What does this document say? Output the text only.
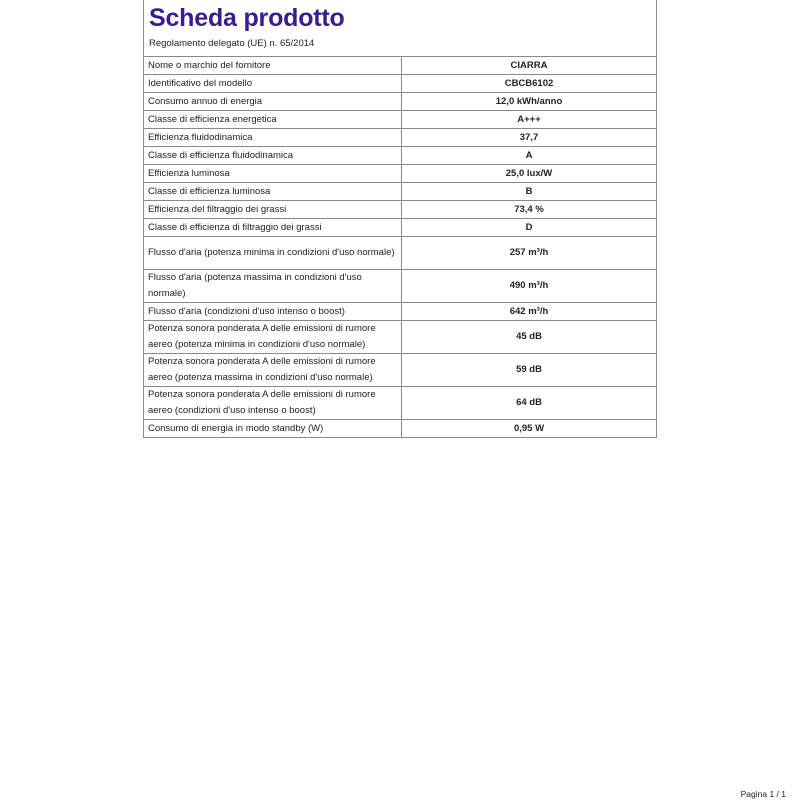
Scheda prodotto
Regolamento delegato (UE) n. 65/2014
Nome o marchio del fornitore	CIARRA
Identificativo del modello	CBCB6102
Consumo annuo di energia	12,0 kWh/anno
Classe di efficienza energetica	A+++
Efficienza fluidodinamica	37,7
Classe di efficienza fluidodinamica	A
Efficienza luminosa	25,0 lux/W
Classe di efficienza luminosa	B
Efficienza del filtraggio dei grassi	73,4 %
Classe di efficienza di filtraggio dei grassi	D
Flusso d'aria (potenza minima in condizioni d'uso normale)	257 m³/h
Flusso d'aria (potenza massima in condizioni d'uso normale)	490 m³/h
Flusso d'aria (condizioni d'uso intenso o boost)	642 m³/h
Potenza sonora ponderata A delle emissioni di rumore aereo (potenza minima in condizioni d'uso normale)	45 dB
Potenza sonora ponderata A delle emissioni di rumore aereo (potenza massima in condizioni d'uso normale)	59 dB
Potenza sonora ponderata A delle emissioni di rumore aereo (condizioni d'uso intenso o boost)	64 dB
Consumo di energia in modo standby (W)	0,95 W
Pagina 1 / 1
